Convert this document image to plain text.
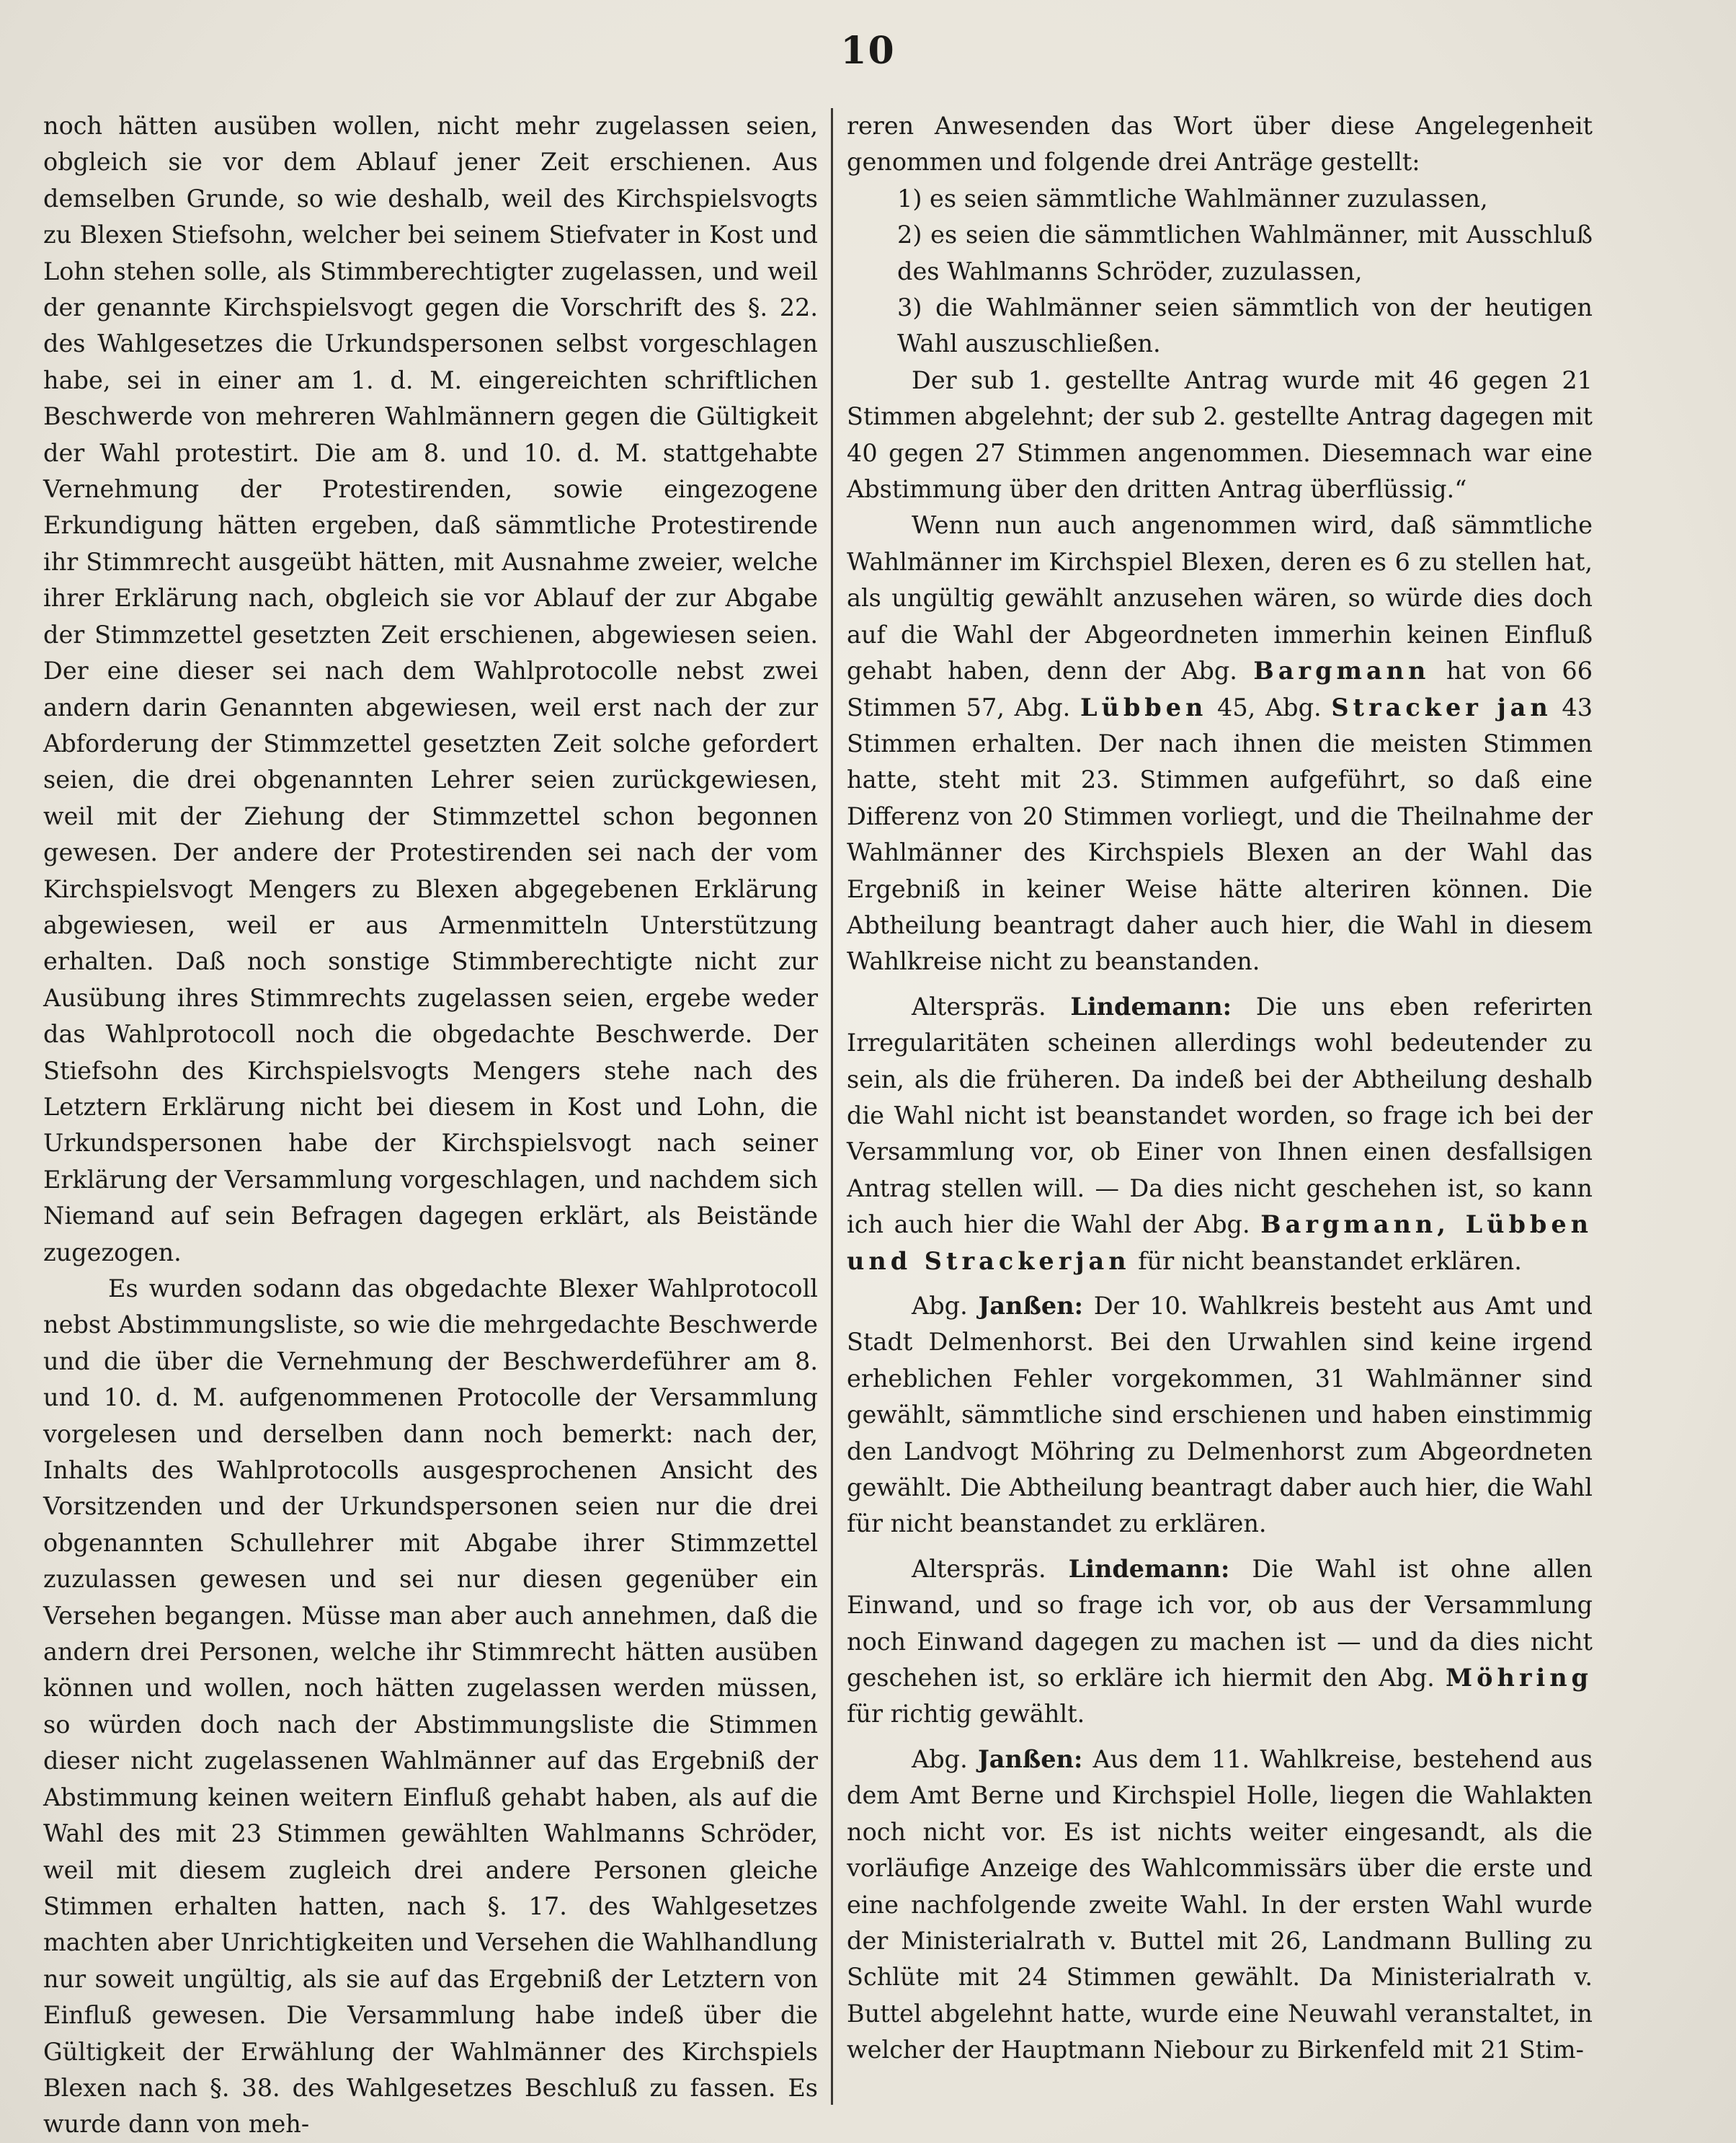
10

noch hätten ausüben wollen, nicht mehr zugelassen seien, obgleich sie vor dem Ablauf jener Zeit erschienen. Aus demselben Grunde, so wie deshalb, weil des Kirchspielsvogts zu Blexen Stiefsohn, welcher bei seinem Stiefvater in Kost und Lohn stehen solle, als Stimmberechtigter zugelassen, und weil der genannte Kirchspielsvogt gegen die Vorschrift des §. 22. des Wahlgesetzes die Urkundspersonen selbst vorgeschlagen habe, sei in einer am 1. d. M. eingereichten schriftlichen Beschwerde von mehreren Wahlmännern gegen die Gültigkeit der Wahl protestirt. Die am 8. und 10. d. M. stattgehabte Vernehmung der Protestirenden, sowie eingezogene Erkundigung hätten ergeben, daß sämmtliche Protestirende ihr Stimmrecht ausgeübt hätten, mit Ausnahme zweier, welche ihrer Erklärung nach, obgleich sie vor Ablauf der zur Abgabe der Stimmzettel gesetzten Zeit erschienen, abgewiesen seien. Der eine dieser sei nach dem Wahlprotocolle nebst zwei andern darin Genannten abgewiesen, weil erst nach der zur Abforderung der Stimmzettel gesetzten Zeit solche gefordert seien, die drei obgenannten Lehrer seien zurückgewiesen, weil mit der Ziehung der Stimmzettel schon begonnen gewesen. Der andere der Protestirenden sei nach der vom Kirchspielsvogt Mengers zu Blexen abgegebenen Erklärung abgewiesen, weil er aus Armenmitteln Unterstützung erhalten. Daß noch sonstige Stimmberechtigte nicht zur Ausübung ihres Stimmrechts zugelassen seien, ergebe weder das Wahlprotocoll noch die obgedachte Beschwerde. Der Stiefsohn des Kirchspielsvogts Mengers stehe nach des Letztern Erklärung nicht bei diesem in Kost und Lohn, die Urkundspersonen habe der Kirchspielsvogt nach seiner Erklärung der Versammlung vorgeschlagen, und nachdem sich Niemand auf sein Befragen dagegen erklärt, als Beistände zugezogen.

Es wurden sodann das obgedachte Blexer Wahlprotocoll nebst Abstimmungsliste, so wie die mehrgedachte Beschwerde und die über die Vernehmung der Beschwerdeführer am 8. und 10. d. M. aufgenommenen Protocolle der Versammlung vorgelesen und derselben dann noch bemerkt: nach der, Inhalts des Wahlprotocolls ausgesprochenen Ansicht des Vorsitzenden und der Urkundspersonen seien nur die drei obgenannten Schullehrer mit Abgabe ihrer Stimmzettel zuzulassen gewesen und sei nur diesen gegenüber ein Versehen begangen. Müsse man aber auch annehmen, daß die andern drei Personen, welche ihr Stimmrecht hätten ausüben können und wollen, noch hätten zugelassen werden müssen, so würden doch nach der Abstimmungsliste die Stimmen dieser nicht zugelassenen Wahlmänner auf das Ergebniß der Abstimmung keinen weitern Einfluß gehabt haben, als auf die Wahl des mit 23 Stimmen gewählten Wahlmanns Schröder, weil mit diesem zugleich drei andere Personen gleiche Stimmen erhalten hatten, nach §. 17. des Wahlgesetzes machten aber Unrichtigkeiten und Versehen die Wahlhandlung nur soweit ungültig, als sie auf das Ergebniß der Letztern von Einfluß gewesen. Die Versammlung habe indeß über die Gültigkeit der Erwählung der Wahlmänner des Kirchspiels Blexen nach §. 38. des Wahlgesetzes Beschluß zu fassen. Es wurde dann von meh-

reren Anwesenden das Wort über diese Angelegenheit genommen und folgende drei Anträge gestellt:

1) es seien sämmtliche Wahlmänner zuzulassen,

2) es seien die sämmtlichen Wahlmänner, mit Ausschluß des Wahlmanns Schröder, zuzulassen,

3) die Wahlmänner seien sämmtlich von der heutigen Wahl auszuschließen.

Der sub 1. gestellte Antrag wurde mit 46 gegen 21 Stimmen abgelehnt; der sub 2. gestellte Antrag dagegen mit 40 gegen 27 Stimmen angenommen. Diesemnach war eine Abstimmung über den dritten Antrag überflüssig.“

Wenn nun auch angenommen wird, daß sämmtliche Wahlmänner im Kirchspiel Blexen, deren es 6 zu stellen hat, als ungültig gewählt anzusehen wären, so würde dies doch auf die Wahl der Abgeordneten immerhin keinen Einfluß gehabt haben, denn der Abg. Bargmann hat von 66 Stimmen 57, Abg. Lübben 45, Abg. Stracker jan 43 Stimmen erhalten. Der nach ihnen die meisten Stimmen hatte, steht mit 23. Stimmen aufgeführt, so daß eine Differenz von 20 Stimmen vorliegt, und die Theilnahme der Wahlmänner des Kirchspiels Blexen an der Wahl das Ergebniß in keiner Weise hätte alteriren können. Die Abtheilung beantragt daher auch hier, die Wahl in diesem Wahlkreise nicht zu beanstanden.

Alterspräs. Lindemann: Die uns eben referirten Irregularitäten scheinen allerdings wohl bedeutender zu sein, als die früheren. Da indeß bei der Abtheilung deshalb die Wahl nicht ist beanstandet worden, so frage ich bei der Versammlung vor, ob Einer von Ihnen einen desfallsigen Antrag stellen will. — Da dies nicht geschehen ist, so kann ich auch hier die Wahl der Abg. Bargmann, Lübben und Strackerjan für nicht beanstandet erklären.

Abg. Janßen: Der 10. Wahlkreis besteht aus Amt und Stadt Delmenhorst. Bei den Urwahlen sind keine irgend erheblichen Fehler vorgekommen, 31 Wahlmänner sind gewählt, sämmtliche sind erschienen und haben einstimmig den Landvogt Möhring zu Delmenhorst zum Abgeordneten gewählt. Die Abtheilung beantragt daber auch hier, die Wahl für nicht beanstandet zu erklären.

Alterspräs. Lindemann: Die Wahl ist ohne allen Einwand, und so frage ich vor, ob aus der Versammlung noch Einwand dagegen zu machen ist — und da dies nicht geschehen ist, so erkläre ich hiermit den Abg. Möhring für richtig gewählt.

Abg. Janßen: Aus dem 11. Wahlkreise, bestehend aus dem Amt Berne und Kirchspiel Holle, liegen die Wahlakten noch nicht vor. Es ist nichts weiter eingesandt, als die vorläufige Anzeige des Wahlcommissärs über die erste und eine nachfolgende zweite Wahl. In der ersten Wahl wurde der Ministerialrath v. Buttel mit 26, Landmann Bulling zu Schlüte mit 24 Stimmen gewählt. Da Ministerialrath v. Buttel abgelehnt hatte, wurde eine Neuwahl veranstaltet, in welcher der Hauptmann Niebour zu Birkenfeld mit 21 Stim-
